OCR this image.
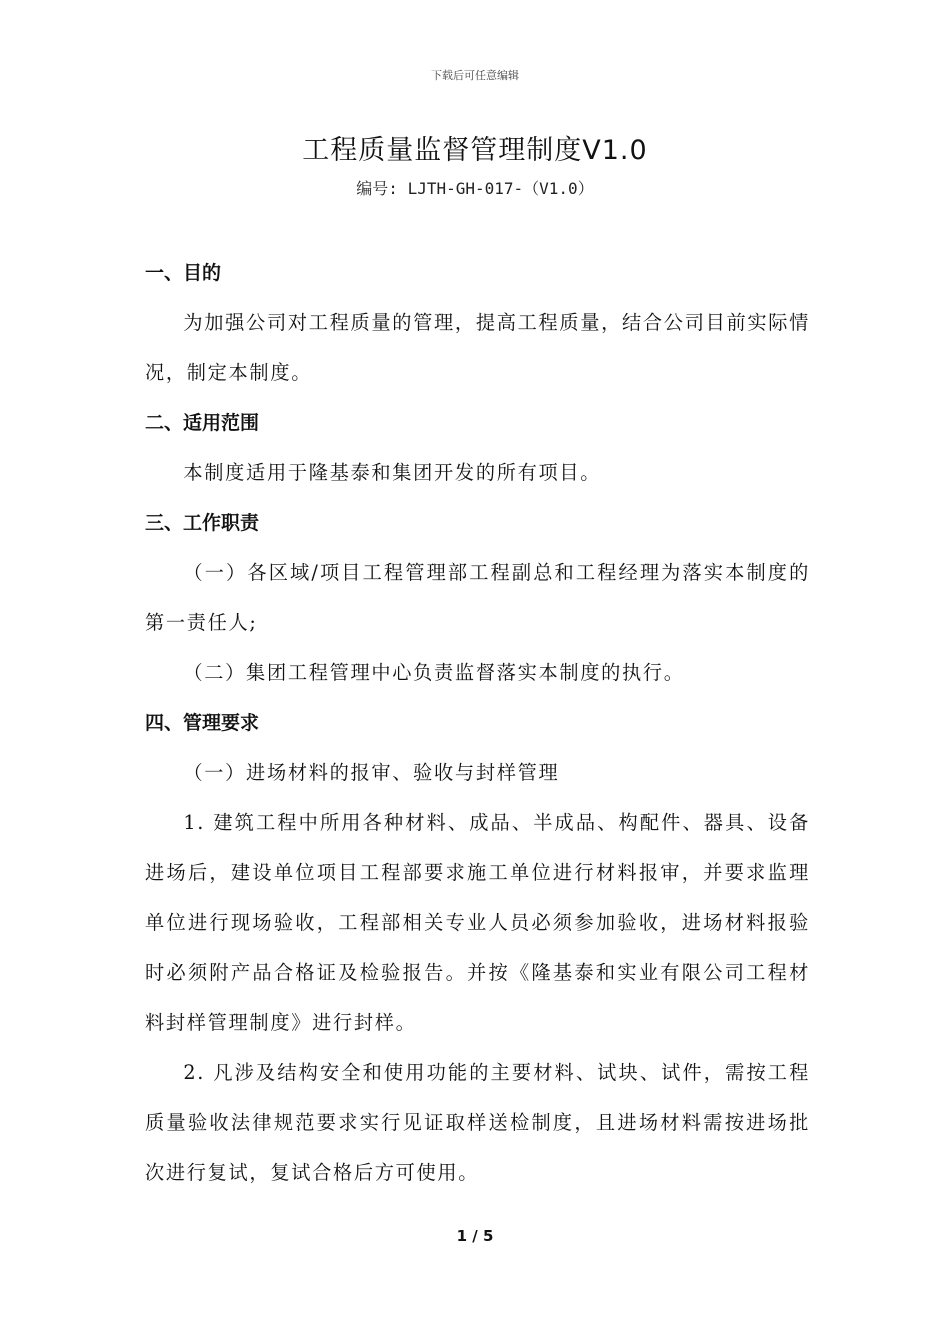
下载后可任意编辑
工程质量监督管理制度V1.0
编号: LJTH-GH-017-（V1.0）
一、目的
为加强公司对工程质量的管理，提高工程质量，结合公司目前实际情况，制定本制度。
二、适用范围
本制度适用于隆基泰和集团开发的所有项目。
三、工作职责
（一）各区域/项目工程管理部工程副总和工程经理为落实本制度的第一责任人;
（二）集团工程管理中心负责监督落实本制度的执行。
四、管理要求
（一）进场材料的报审、验收与封样管理
1. 建筑工程中所用各种材料、成品、半成品、构配件、器具、设备进场后，建设单位项目工程部要求施工单位进行材料报审，并要求监理单位进行现场验收，工程部相关专业人员必须参加验收，进场材料报验时必须附产品合格证及检验报告。并按《隆基泰和实业有限公司工程材料封样管理制度》进行封样。
2. 凡涉及结构安全和使用功能的主要材料、试块、试件，需按工程质量验收法律规范要求实行见证取样送检制度，且进场材料需按进场批次进行复试，复试合格后方可使用。
1 / 5
